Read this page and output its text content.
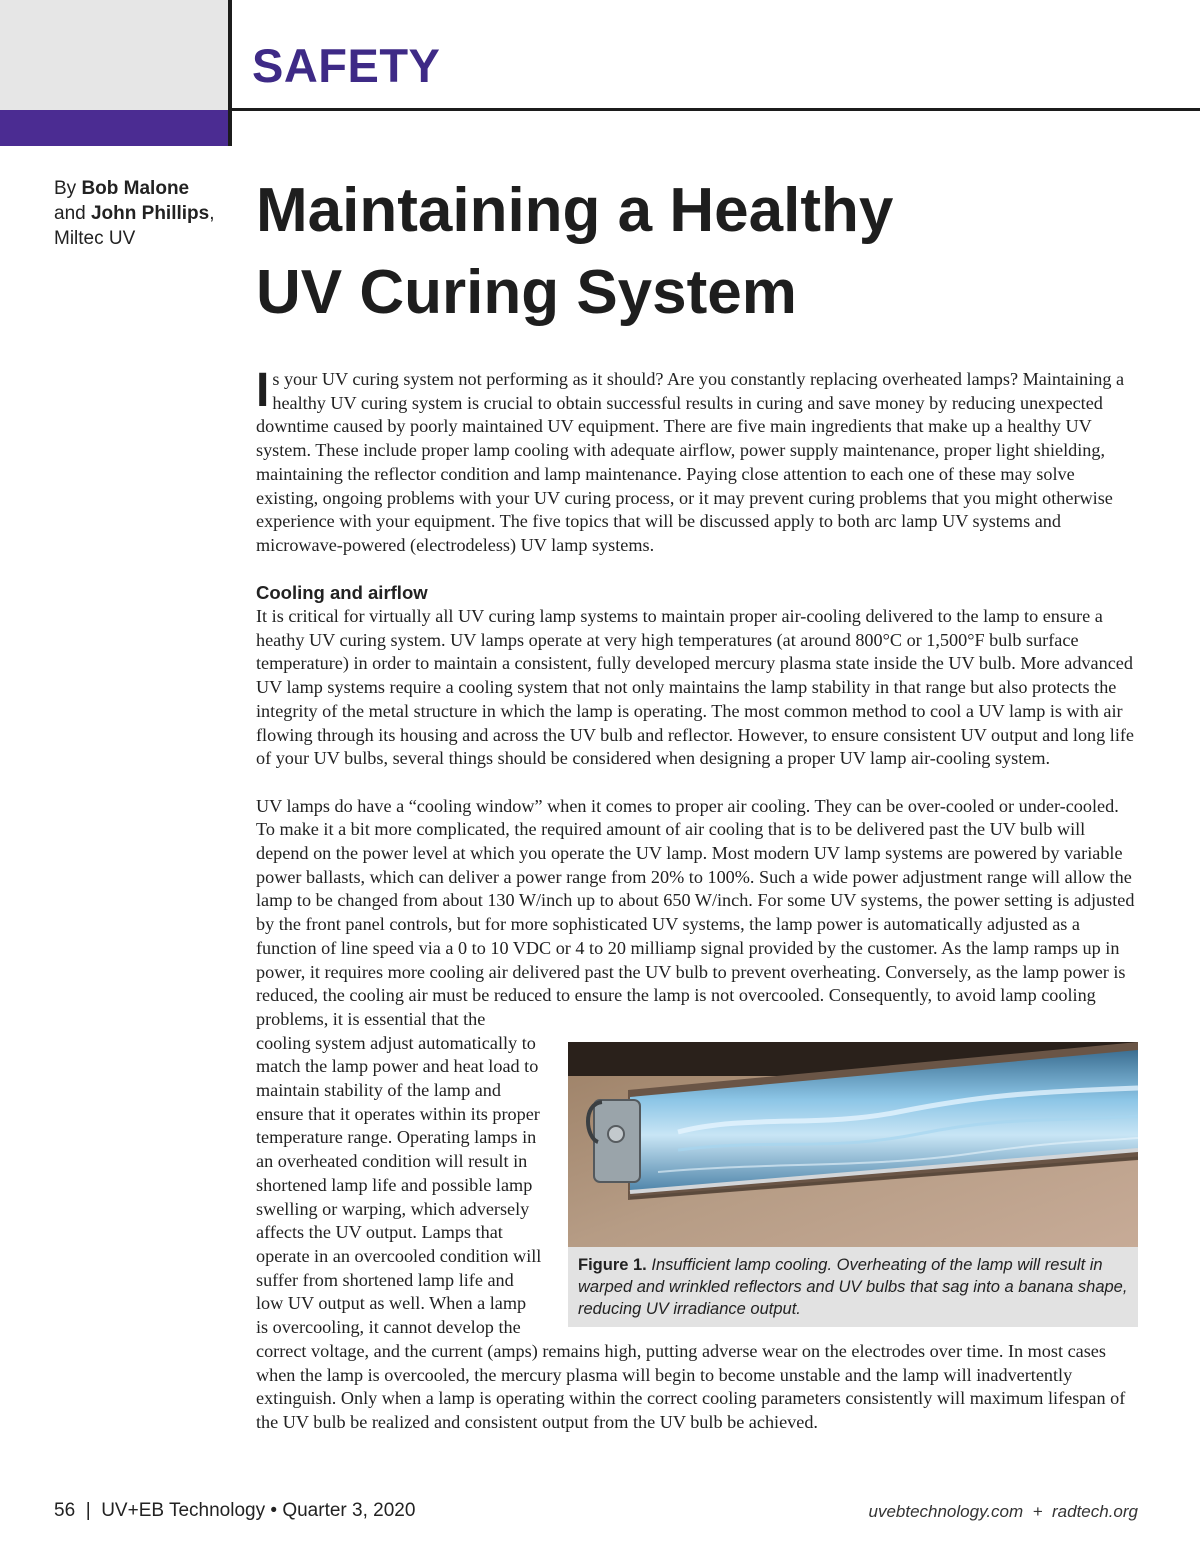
SAFETY
By Bob Malone
and John Phillips,
Miltec UV	Maintaining a Healthy
UV Curing System

Is your UV curing system not performing as it should? Are you constantly replacing overheated lamps? Maintaining a healthy UV curing system is crucial to obtain successful results in curing and save money by reducing unexpected downtime caused by poorly maintained UV equipment. There are five main ingredients that make up a healthy UV system. These include proper lamp cooling with adequate airflow, power supply maintenance, proper light shielding, maintaining the reflector condition and lamp maintenance. Paying close attention to each one of these may solve existing, ongoing problems with your UV curing process, or it may prevent curing problems that you might otherwise experience with your equipment. The five topics that will be discussed apply to both arc lamp UV systems and microwave-powered (electrodeless) UV lamp systems.

Cooling and airflow

It is critical for virtually all UV curing lamp systems to maintain proper air-cooling delivered to the lamp to ensure a heathy UV curing system. UV lamps operate at very high temperatures (at around 800°C or 1,500°F bulb surface temperature) in order to maintain a consistent, fully developed mercury plasma state inside the UV bulb. More advanced UV lamp systems require a cooling system that not only maintains the lamp stability in that range but also protects the integrity of the metal structure in which the lamp is operating. The most common method to cool a UV lamp is with air flowing through its housing and across the UV bulb and reflector. However, to ensure consistent UV output and long life of your UV bulbs, several things should be considered when designing a proper UV lamp air-cooling system.

UV lamps do have a “cooling window” when it comes to proper air cooling. They can be over-cooled or under-cooled. To make it a bit more complicated, the required amount of air cooling that is to be delivered past the UV bulb will depend on the power level at which you operate the UV lamp. Most modern UV lamp systems are powered by variable power ballasts, which can deliver a power range from 20% to 100%. Such a wide power adjustment range will allow the lamp to be changed from about 130 W/inch up to about 650 W/inch. For some UV systems, the power setting is adjusted by the front panel controls, but for more sophisticated UV systems, the lamp power is automatically adjusted as a function of line speed via a 0 to 10 VDC or 4 to 20 milliamp signal provided by the customer. As the lamp ramps up in power, it requires more cooling air delivered past the UV bulb to prevent overheating. Conversely, as the lamp power is reduced, the cooling air must be reduced to ensure the lamp is not overcooled. Consequently, to avoid lamp cooling problems, it is essential that the

Figure 1. Insufficient lamp cooling. Overheating of the lamp will result in warped and wrinkled reflectors and UV bulbs that sag into a banana shape, reducing UV irradiance output.

cooling system adjust automatically to match the lamp power and heat load to maintain stability of the lamp and ensure that it operates within its proper temperature range. Operating lamps in an overheated condition will result in shortened lamp life and possible lamp swelling or warping, which adversely affects the UV output. Lamps that operate in an overcooled condition will suffer from shortened lamp life and low UV output as well. When a lamp is overcooling, it cannot develop the correct voltage, and the current (amps) remains high, putting adverse wear on the electrodes over time. In most cases when the lamp is overcooled, the mercury plasma will begin to become unstable and the lamp will inadvertently extinguish. Only when a lamp is operating within the correct cooling parameters consistently will maximum lifespan of the UV bulb be realized and consistent output from the UV bulb be achieved.

56 | UV+EB Technology • Quarter 3, 2020	uvebtechnology.com + radtech.org
